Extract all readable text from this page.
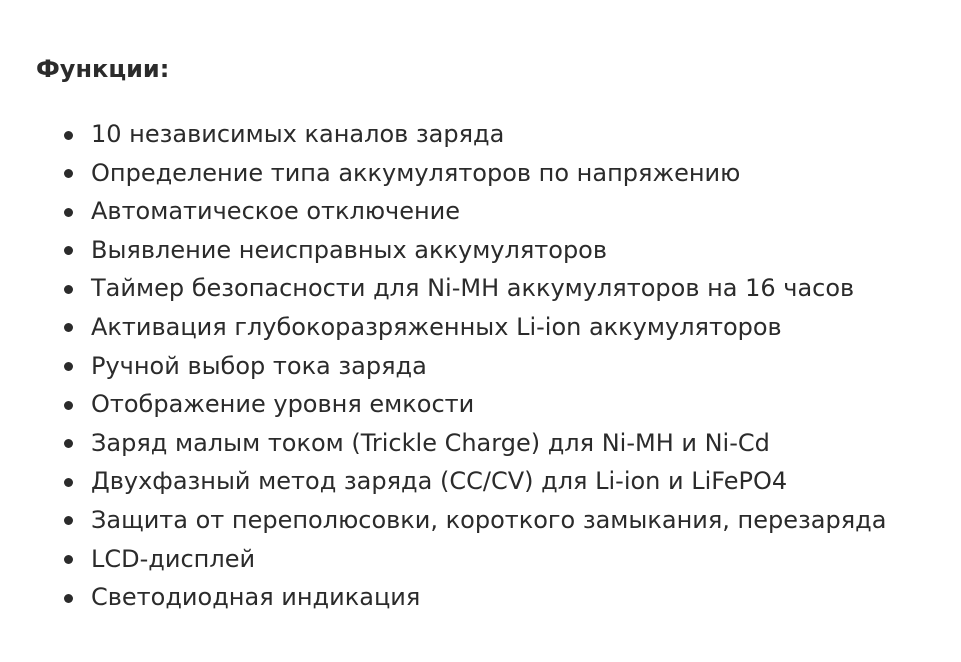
Функции:
10 независимых каналов заряда
Определение типа аккумуляторов по напряжению
Автоматическое отключение
Выявление неисправных аккумуляторов
Таймер безопасности для Ni-MH аккумуляторов на 16 часов
Активация глубокоразряженных Li-ion аккумуляторов
Ручной выбор тока заряда
Отображение уровня емкости
Заряд малым током (Trickle Charge) для Ni-MH и Ni-Cd
Двухфазный метод заряда (CC/CV) для Li-ion и LiFePO4
Защита от переполюсовки, короткого замыкания, перезаряда
LCD-дисплей
Светодиодная индикация
